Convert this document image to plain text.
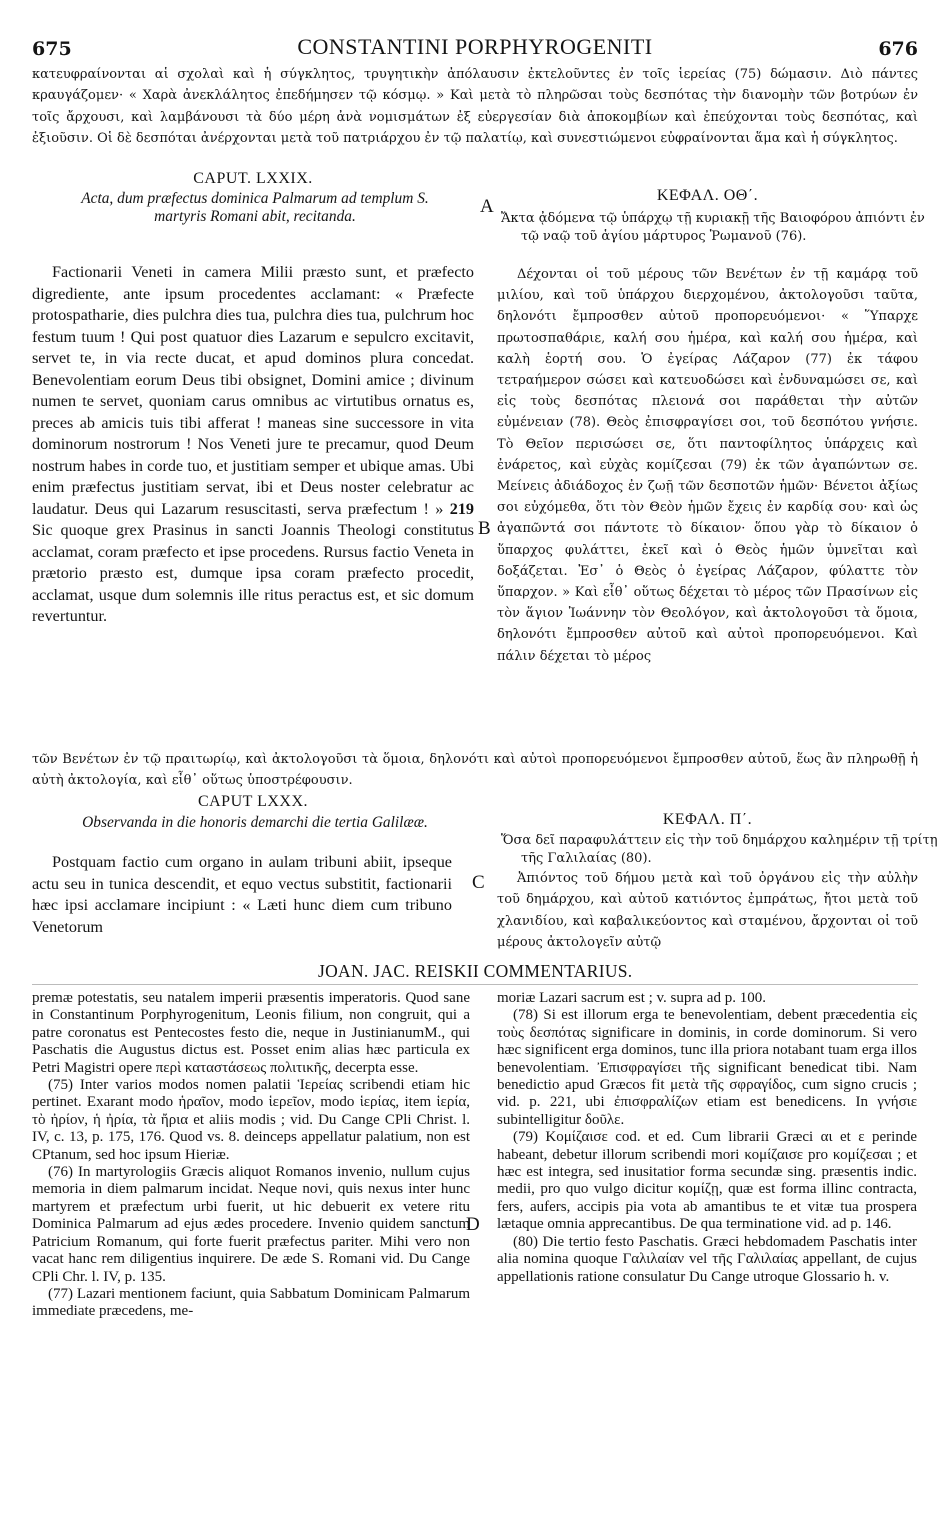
675	CONSTANTINI PORPHYROGENITI	676

κατευφραίνονται αἱ σχολαὶ καὶ ἡ σύγκλητος, τρυγητικὴν ἀπόλαυσιν ἐκτελοῦντες ἐν τοῖς ἱερείας (75) δώμασιν. Διὸ πάντες κραυγάζομεν· « Χαρὰ ἀνεκλάλητος ἐπεδήμησεν τῷ κόσμῳ. » Καὶ μετὰ τὸ πληρῶσαι τοὺς δεσπότας τὴν διανομὴν τῶν βοτρύων ἐν τοῖς ἄρχουσι, καὶ λαμβάνουσι τὰ δύο μέρη ἀνὰ νομισμάτων ἐξ εὐεργεσίαν διὰ ἀποκομβίων καὶ ἐπεύχονται τοὺς δεσπότας, καὶ ἐξιοῦσιν. Οἱ δὲ δεσπόται ἀνέρχονται μετὰ τοῦ πατριάρχου ἐν τῷ παλατίῳ, καὶ συνεστιώμενοι εὐφραίνονται ἅμα καὶ ἡ σύγκλητος.

CAPUT. LXXIX.
Acta, dum præfectus dominica Palmarum ad templum S. martyris Romani abit, recitanda.

Factionarii Veneti in camera Milii præsto sunt, et præfecto digrediente, ante ipsum procedentes acclamant: « Præfecte protospatharie, dies pulchra dies tua, pulchra dies tua, pulchrum hoc festum tuum ! Qui post quatuor dies Lazarum e sepulcro excitavit, servet te, in via recte ducat, et apud dominos plura concedat. Benevolentiam eorum Deus tibi obsignet, Domini amice ; divinum numen te servet, quoniam carus omnibus ac virtutibus ornatus es, preces ab amicis tuis tibi afferat ! maneas sine successore in vita dominorum nostrorum ! Nos Veneti jure te precamur, quod Deum nostrum habes in corde tuo, et justitiam semper et ubique amas. Ubi enim præfectus justitiam servat, ibi et Deus noster celebratur ac laudatur. Deus qui Lazarum resuscitasti, serva præfectum ! » 219 Sic quoque grex Prasinus in sancti Joannis Theologi constitutus acclamat, coram præfecto et ipse procedens. Rursus factio Veneta in prætorio præsto est, dumque ipsa coram præfecto procedit, acclamat, usque dum solemnis ille ritus peractus est, et sic domum revertuntur.

ΚΕΦΑΛ. ΟΘ΄.
Ἄκτα ᾀδόμενα τῷ ὑπάρχῳ τῇ κυριακῇ τῆς Βαιοφόρου ἀπιόντι ἐν τῷ ναῷ τοῦ ἁγίου μάρτυρος Ῥωμανοῦ (76).

Δέχονται οἱ τοῦ μέρους τῶν Βενέτων ἐν τῇ καμάρᾳ τοῦ μιλίου, καὶ τοῦ ὑπάρχου διερχομένου, ἀκτολογοῦσι ταῦτα, δηλονότι ἔμπροσθεν αὐτοῦ προπορευόμενοι· « Ὕπαρχε πρωτοσπαθάριε, καλή σου ἡμέρα, καὶ καλή σου ἡμέρα, καὶ καλὴ ἑορτή σου. Ὁ ἐγείρας Λάζαρον (77) ἐκ τάφου τετραήμερον σώσει καὶ κατευοδώσει καὶ ἐνδυναμώσει σε, καὶ εἰς τοὺς δεσπότας πλειονά σοι παράθεται τὴν αὐτῶν εὐμένειαν (78). Θεὸς ἐπισφραγίσει σοι, τοῦ δεσπότου γνήσιε. Τὸ Θεῖον περισώσει σε, ὅτι παντοφίλητος ὑπάρχεις καὶ ἐνάρετος, καὶ εὐχὰς κομίζεσαι (79) ἐκ τῶν ἀγαπώντων σε. Μείνεις ἀδιάδοχος ἐν ζωῇ τῶν δεσποτῶν ἡμῶν· Βένετοι ἀξίως σοι εὐχόμεθα, ὅτι τὸν Θεὸν ἡμῶν ἔχεις ἐν καρδίᾳ σου· καὶ ὡς ἀγαπῶντά σοι πάντοτε τὸ δίκαιον· ὅπου γὰρ τὸ δίκαιον ὁ ὕπαρχος φυλάττει, ἐκεῖ καὶ ὁ Θεὸς ἡμῶν ὑμνεῖται καὶ δοξάζεται. Ἐσ᾽ ὁ Θεὸς ὁ ἐγείρας Λάζαρον, φύλαττε τὸν ὕπαρχον. » Καὶ εἶθ᾽ οὕτως δέχεται τὸ μέρος τῶν Πρασίνων εἰς τὸν ἅγιον Ἰωάννην τὸν Θεολόγον, καὶ ἀκτολογοῦσι τὰ ὅμοια, δηλονότι ἔμπροσθεν αὐτοῦ καὶ αὐτοὶ προπορευόμενοι. Καὶ πάλιν δέχεται τὸ μέρος

τῶν Βενέτων ἐν τῷ πραιτωρίῳ, καὶ ἀκτολογοῦσι τὰ ὅμοια, δηλονότι καὶ αὐτοὶ προπορευόμενοι ἔμπροσθεν αὐτοῦ, ἕως ἂν πληρωθῇ ἡ αὐτὴ ἀκτολογία, καὶ εἶθ᾽ οὕτως ὑποστρέφουσιν.

CAPUT LXXX.
Observanda in die honoris demarchi die tertia Galilææ.

Postquam factio cum organo in aulam tribuni abiit, ipseque actu seu in tunica descendit, et equo vectus substitit, factionarii hæc ipsi acclamare incipiunt : « Læti hunc diem cum tribuno Venetorum

ΚΕΦΑΛ. Π΄.
Ὅσα δεῖ παραφυλάττειν εἰς τὴν τοῦ δημάρχου καλημέριν τῇ τρίτῃ τῆς Γαλιλαίας (80).

Ἀπιόντος τοῦ δήμου μετὰ καὶ τοῦ ὀργάνου εἰς τὴν αὐλὴν τοῦ δημάρχου, καὶ αὐτοῦ κατιόντος ἐμπράτως, ἤτοι μετὰ τοῦ χλανιδίου, καὶ καβαλικεύοντος καὶ σταμένου, ἄρχονται οἱ τοῦ μέρους ἀκτολογεῖν αὐτῷ

A
B
C
D
JOAN. JAC. REISKII COMMENTARIUS.

premæ potestatis, seu natalem imperii præsentis imperatoris. Quod sane in Constantinum Porphyrogenitum, Leonis filium, non congruit, qui a patre coronatus est Pentecostes festo die, neque in JustinianumM., qui Paschatis die Augustus dictus est. Posset enim alias hæc particula ex Petri Magistri opere περὶ καταστάσεως πολιτικῆς, decerpta esse.

(75) Inter varios modos nomen palatii Ἱερείας scribendi etiam hic pertinet. Exarant modo ἡραῖον, modo ἱερεῖον, modo ἱερίας, item ἱερία, τὸ ἠρίον, ἡ ἠρία, τὰ ἤρια et aliis modis ; vid. Du Cange CPli Christ. l. IV, c. 13, p. 175, 176. Quod vs. 8. deinceps appellatur palatium, non est CPtanum, sed hoc ipsum Hieriæ.

(76) In martyrologiis Græcis aliquot Romanos invenio, nullum cujus memoria in diem palmarum incidat. Neque novi, quis nexus inter hunc martyrem et præfectum urbi fuerit, ut hic debuerit ex vetere ritu Dominica Palmarum ad ejus ædes procedere. Invenio quidem sanctum Patricium Romanum, qui forte fuerit præfectus pariter. Mihi vero non vacat hanc rem diligentius inquirere. De æde S. Romani vid. Du Cange CPli Chr. l. IV, p. 135.

(77) Lazari mentionem faciunt, quia Sabbatum Dominicam Palmarum immediate præcedens, me-

moriæ Lazari sacrum est ; v. supra ad p. 100.

(78) Si est illorum erga te benevolentiam, debent præcedentia εἰς τοὺς δεσπότας significare in dominis, in corde dominorum. Si vero hæc significent erga dominos, tunc illa priora notabant tuam erga illos benevolentiam. Ἐπισφραγίσει τῆς significant benedicat tibi. Nam benedictio apud Græcos fit μετὰ τῆς σφραγίδος, cum signo crucis ; vid. p. 221, ubi ἐπισφραλίζων etiam est benedicens. In γνήσιε subintelligitur δοῦλε.

(79) Κομίζαισε cod. et ed. Cum librarii Græci αι et ε perinde habeant, debetur illorum scribendi mori κομίζαισε pro κομίζεσαι ; et hæc est integra, sed inusitatior forma secundæ sing. præsentis indic. medii, pro quo vulgo dicitur κομίζῃ, quæ est forma illinc contracta, fers, aufers, accipis pia vota ab amantibus te et vitæ tua prospera lætaque omnia apprecantibus. De qua terminatione vid. ad p. 146.

(80) Die tertio festo Paschatis. Græci hebdomadem Paschatis inter alia nomina quoque Γαλιλαίαν vel τῆς Γαλιλαίας appellant, de cujus appellationis ratione consulatur Du Cange utroque Glossario h. v.
